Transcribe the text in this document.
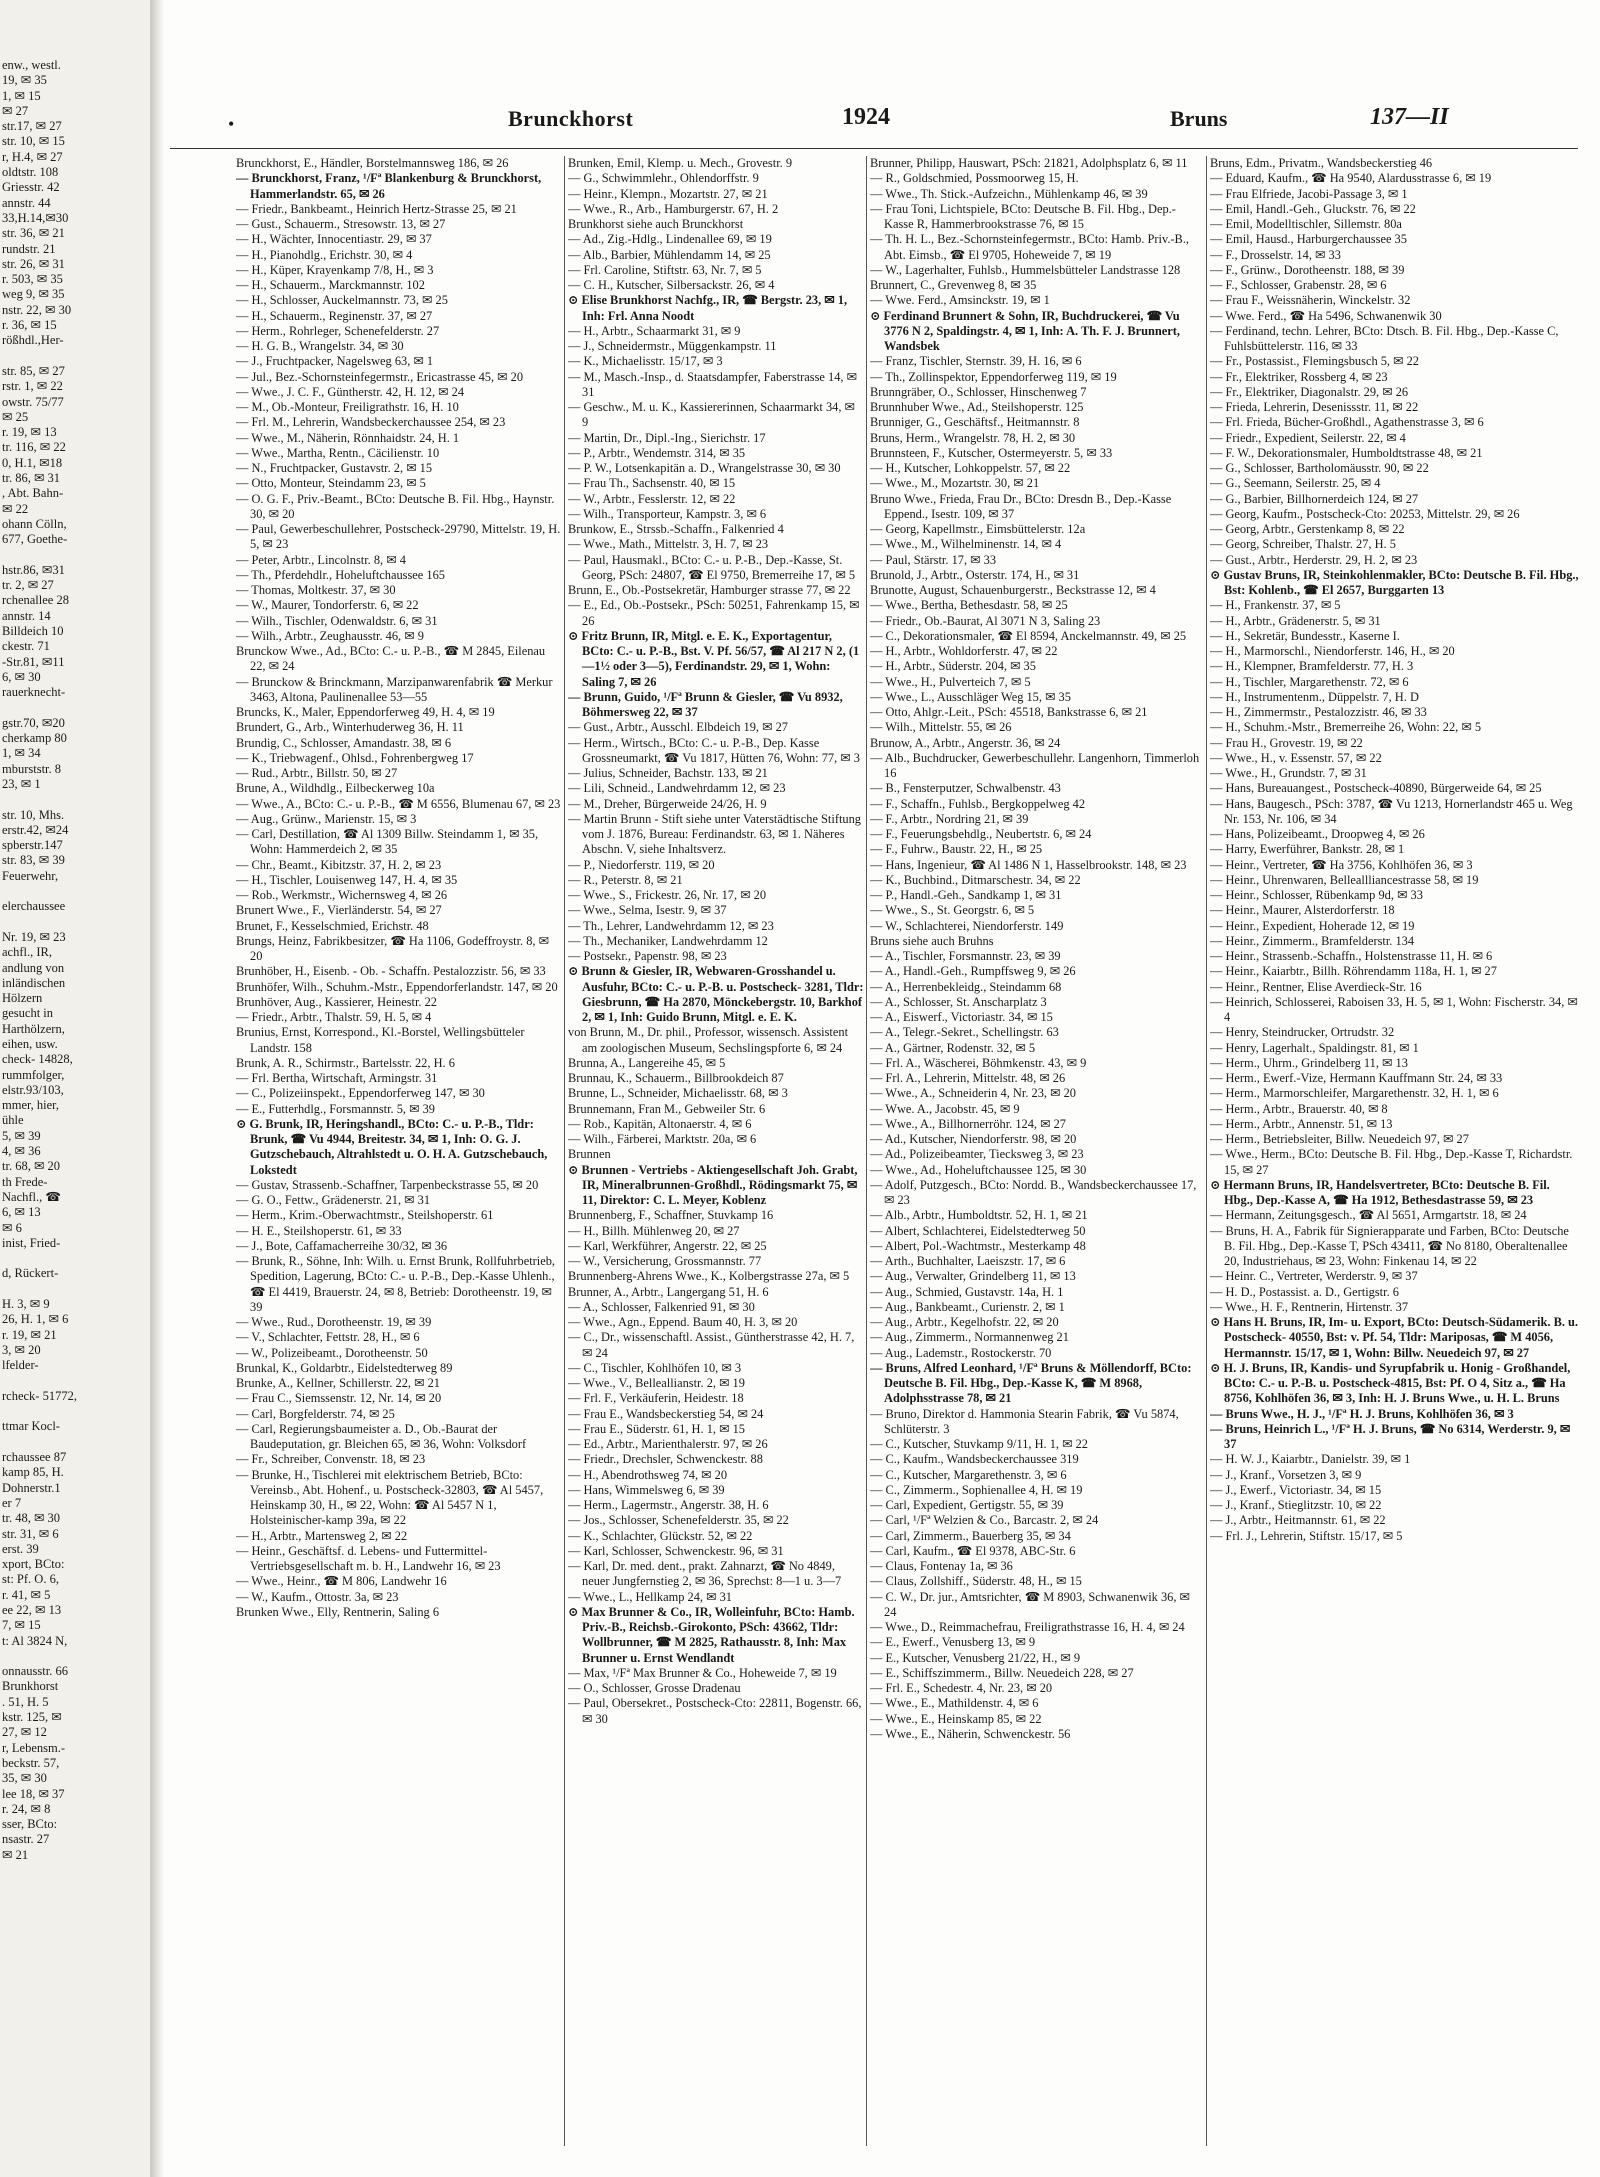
enw., westl.
19, ✉ 35
1, ✉ 15
✉ 27
str.17, ✉ 27
str. 10, ✉ 15
r, H.4, ✉ 27
oldtstr. 108
Griesstr. 42
annstr. 44
33,H.14,✉30
str. 36, ✉ 21
rundstr. 21
str. 26, ✉ 31
r. 503, ✉ 35
weg 9, ✉ 35
nstr. 22, ✉ 30
r. 36, ✉ 15
rößhdl.,Her-
str. 85, ✉ 27
rstr. 1, ✉ 22
owstr. 75/77
✉ 25
r. 19, ✉ 13
tr. 116, ✉ 22
0, H.1, ✉18
tr. 86, ✉ 31
, Abt. Bahn-
✉ 22
ohann Cölln,
677, Goethe-
hstr.86, ✉31
tr. 2, ✉ 27
rchenallee 28
annstr. 14
Billdeich 10
ckestr. 71
-Str.81, ✉11
6, ✉ 30
rauerknecht-
gstr.70, ✉20
cherkamp 80
1, ✉ 34
mburststr. 8
23, ✉ 1
str. 10, Mhs.
erstr.42, ✉24
spberstr.147
str. 83, ✉ 39
Feuerwehr,
elerchaussee
Nr. 19, ✉ 23
achfl., IR,
andlung von
inländischen
Hölzern
gesucht in
Harthölzern,
eihen, usw.
check- 14828,
rummfolger,
elstr.93/103,
mmer, hier,
ühle
5, ✉ 39
4, ✉ 36
tr. 68, ✉ 20
th Frede-
Nachfl., ☎
6, ✉ 13
✉ 6
inist, Fried-
d, Rückert-
H. 3, ✉ 9
26, H. 1, ✉ 6
r. 19, ✉ 21
3, ✉ 20
lfelder-
rcheck- 51772,
ttmar Kocl-
rchaussee 87
kamp 85, H.
Dohnerstr.1
er 7
tr. 48, ✉ 30
str. 31, ✉ 6
erst. 39
xport, BCto:
st: Pf. O. 6,
r. 41, ✉ 5
ee 22, ✉ 13
7, ✉ 15
t: Al 3824 N,
onnausstr. 66
Brunkhorst
. 51, H. 5
kstr. 125, ✉
27, ✉ 12
r, Lebensm.-
beckstr. 57,
35, ✉ 30
lee 18, ✉ 37
r. 24, ✉ 8
sser, BCto:
nsastr. 27
✉ 21
•	Brunckhorst	1924	Bruns	137—II
Brunckhorst, E., Händler, Borstelmannsweg 186, ✉ 26
— Brunckhorst, Franz, ¹/Fª Blankenburg & Brunckhorst, Hammerlandstr. 65, ✉ 26
— Friedr., Bankbeamt., Heinrich Hertz-Strasse 25, ✉ 21
— Gust., Schauerm., Stresowstr. 13, ✉ 27
— H., Wächter, Innocentiastr. 29, ✉ 37
— H., Pianohdlg., Erichstr. 30, ✉ 4
— H., Küper, Krayenkamp 7/8, H., ✉ 3
— H., Schauerm., Marckmannstr. 102
— H., Schlosser, Auckelmannstr. 73, ✉ 25
— H., Schauerm., Reginenstr. 37, ✉ 27
— Herm., Rohrleger, Schenefelderstr. 27
— H. G. B., Wrangelstr. 34, ✉ 30
— J., Fruchtpacker, Nagelsweg 63, ✉ 1
— Jul., Bez.-Schornsteinfegermstr., Ericastrasse 45, ✉ 20
— Wwe., J. C. F., Güntherstr. 42, H. 12, ✉ 24
— M., Ob.-Monteur, Freiligrathstr. 16, H. 10
— Frl. M., Lehrerin, Wandsbeckerchaussee 254, ✉ 23
— Wwe., M., Näherin, Rönnhaidstr. 24, H. 1
— Wwe., Martha, Rentn., Cäcilienstr. 10
— N., Fruchtpacker, Gustavstr. 2, ✉ 15
— Otto, Monteur, Steindamm 23, ✉ 5
— O. G. F., Priv.-Beamt., BCto: Deutsche B. Fil. Hbg., Haynstr. 30, ✉ 20
— Paul, Gewerbeschullehrer, Postscheck-29790, Mittelstr. 19, H. 5, ✉ 23
— Peter, Arbtr., Lincolnstr. 8, ✉ 4
— Th., Pferdehdlr., Hoheluftchaussee 165
— Thomas, Moltkestr. 37, ✉ 30
— W., Maurer, Tondorferstr. 6, ✉ 22
— Wilh., Tischler, Odenwaldstr. 6, ✉ 31
— Wilh., Arbtr., Zeughausstr. 46, ✉ 9
Brunckow Wwe., Ad., BCto: C.- u. P.-B., ☎ M 2845, Eilenau 22, ✉ 24
— Brunckow & Brinckmann, Marzipanwarenfabrik ☎ Merkur 3463, Altona, Paulinenallee 53—55
Bruncks, K., Maler, Eppendorferweg 49, H. 4, ✉ 19
Brundert, G., Arb., Winterhuderweg 36, H. 11
Brundig, C., Schlosser, Amandastr. 38, ✉ 6
— K., Triebwagenf., Ohlsd., Fohrenbergweg 17
— Rud., Arbtr., Billstr. 50, ✉ 27
Brune, A., Wildhdlg., Eilbeckerweg 10a
— Wwe., A., BCto: C.- u. P.-B., ☎ M 6556, Blumenau 67, ✉ 23
— Aug., Grünw., Marienstr. 15, ✉ 3
— Carl, Destillation, ☎ Al 1309 Billw. Steindamm 1, ✉ 35, Wohn: Hammerdeich 2, ✉ 35
— Chr., Beamt., Kibitzstr. 37, H. 2, ✉ 23
— H., Tischler, Louisenweg 147, H. 4, ✉ 35
— Rob., Werkmstr., Wichernsweg 4, ✉ 26
Brunert Wwe., F., Vierländerstr. 54, ✉ 27
Brunet, F., Kesselschmied, Erichstr. 48
Brungs, Heinz, Fabrikbesitzer, ☎ Ha 1106, Godeffroystr. 8, ✉ 20
Brunhöber, H., Eisenb. - Ob. - Schaffn. Pestalozzistr. 56, ✉ 33
Brunhöfer, Wilh., Schuhm.-Mstr., Eppendorferlandstr. 147, ✉ 20
Brunhöver, Aug., Kassierer, Heinestr. 22
— Friedr., Arbtr., Thalstr. 59, H. 5, ✉ 4
Brunius, Ernst, Korrespond., Kl.-Borstel, Wellingsbütteler Landstr. 158
Brunk, A. R., Schirmstr., Bartelsstr. 22, H. 6
— Frl. Bertha, Wirtschaft, Armingstr. 31
— C., Polizeiinspekt., Eppendorferweg 147, ✉ 30
— E., Futterhdlg., Forsmannstr. 5, ✉ 39
⊙ G. Brunk, IR, Heringshandl., BCto: C.- u. P.-B., Tldr: Brunk, ☎ Vu 4944, Breitestr. 34, ✉ 1, Inh: O. G. J. Gutzschebauch, Altrahlstedt u. O. H. A. Gutzschebauch, Lokstedt
— Gustav, Strassenb.-Schaffner, Tarpenbeckstrasse 55, ✉ 20
— G. O., Fettw., Grädenerstr. 21, ✉ 31
— Herm., Krim.-Oberwachtmstr., Steilshoperstr. 61
— H. E., Steilshoperstr. 61, ✉ 33
— J., Bote, Caffamacherreihe 30/32, ✉ 36
— Brunk, R., Söhne, Inh: Wilh. u. Ernst Brunk, Rollfuhrbetrieb, Spedition, Lagerung, BCto: C.- u. P.-B., Dep.-Kasse Uhlenh., ☎ El 4419, Brauerstr. 24, ✉ 8, Betrieb: Dorotheenstr. 19, ✉ 39
— Wwe., Rud., Dorotheenstr. 19, ✉ 39
— V., Schlachter, Fettstr. 28, H., ✉ 6
— W., Polizeibeamt., Dorotheenstr. 50
Brunkal, K., Goldarbtr., Eidelstedterweg 89
Brunke, A., Kellner, Schillerstr. 22, ✉ 21
— Frau C., Siemssenstr. 12, Nr. 14, ✉ 20
— Carl, Borgfelderstr. 74, ✉ 25
— Carl, Regierungsbaumeister a. D., Ob.-Baurat der Baudeputation, gr. Bleichen 65, ✉ 36, Wohn: Volksdorf
— Fr., Schreiber, Convenstr. 18, ✉ 23
— Brunke, H., Tischlerei mit elektrischem Betrieb, BCto: Vereinsb., Abt. Hohenf., u. Postscheck-32803, ☎ Al 5457, Heinskamp 30, H., ✉ 22, Wohn: ☎ Al 5457 N 1, Holsteinischer-kamp 39a, ✉ 22
— H., Arbtr., Martensweg 2, ✉ 22
— Heinr., Geschäftsf. d. Lebens- und Futtermittel-Vertriebsgesellschaft m. b. H., Landwehr 16, ✉ 23
— Wwe., Heinr., ☎ M 806, Landwehr 16
— W., Kaufm., Ottostr. 3a, ✉ 23
Brunken Wwe., Elly, Rentnerin, Saling 6
Brunken, Emil, Klemp. u. Mech., Grovestr. 9
— G., Schwimmlehr., Ohlendorffstr. 9
— Heinr., Klempn., Mozartstr. 27, ✉ 21
— Wwe., R., Arb., Hamburgerstr. 67, H. 2
Brunkhorst siehe auch Brunckhorst
— Ad., Zig.-Hdlg., Lindenallee 69, ✉ 19
— Alb., Barbier, Mühlendamm 14, ✉ 25
— Frl. Caroline, Stiftstr. 63, Nr. 7, ✉ 5
— C. H., Kutscher, Silbersackstr. 26, ✉ 4
⊙ Elise Brunkhorst Nachfg., IR, ☎ Bergstr. 23, ✉ 1, Inh: Frl. Anna Noodt
— H., Arbtr., Schaarmarkt 31, ✉ 9
— J., Schneidermstr., Müggenkampstr. 11
— K., Michaelisstr. 15/17, ✉ 3
— M., Masch.-Insp., d. Staatsdampfer, Faberstrasse 14, ✉ 31
— Geschw., M. u. K., Kassiererinnen, Schaarmarkt 34, ✉ 9
— Martin, Dr., Dipl.-Ing., Sierichstr. 17
— P., Arbtr., Wendemstr. 314, ✉ 35
— P. W., Lotsenkapitän a. D., Wrangelstrasse 30, ✉ 30
— Frau Th., Sachsenstr. 40, ✉ 15
— W., Arbtr., Fesslerstr. 12, ✉ 22
— Wilh., Transporteur, Kampstr. 3, ✉ 6
Brunkow, E., Strssb.-Schaffn., Falkenried 4
— Wwe., Math., Mittelstr. 3, H. 7, ✉ 23
— Paul, Hausmakl., BCto: C.- u. P.-B., Dep.-Kasse, St. Georg, PSch: 24807, ☎ El 9750, Bremerreihe 17, ✉ 5
Brunn, E., Ob.-Postsekretär, Hamburger strasse 77, ✉ 22
— E., Ed., Ob.-Postsekr., PSch: 50251, Fahrenkamp 15, ✉ 26
⊙ Fritz Brunn, IR, Mitgl. e. E. K., Exportagentur, BCto: C.- u. P.-B., Bst. V. Pf. 56/57, ☎ Al 217 N 2, (1—1½ oder 3—5), Ferdinandstr. 29, ✉ 1, Wohn: Saling 7, ✉ 26
— Brunn, Guido, ¹/Fª Brunn & Giesler, ☎ Vu 8932, Böhmersweg 22, ✉ 37
— Gust., Arbtr., Ausschl. Elbdeich 19, ✉ 27
— Herm., Wirtsch., BCto: C.- u. P.-B., Dep. Kasse Grossneumarkt, ☎ Vu 1817, Hütten 76, Wohn: 77, ✉ 3
— Julius, Schneider, Bachstr. 133, ✉ 21
— Lili, Schneid., Landwehrdamm 12, ✉ 23
— M., Dreher, Bürgerweide 24/26, H. 9
— Martin Brunn - Stift siehe unter Vaterstädtische Stiftung vom J. 1876, Bureau: Ferdinandstr. 63, ✉ 1. Näheres Abschn. V, siehe Inhaltsverz.
— P., Niedorferstr. 119, ✉ 20
— R., Peterstr. 8, ✉ 21
— Wwe., S., Frickestr. 26, Nr. 17, ✉ 20
— Wwe., Selma, Isestr. 9, ✉ 37
— Th., Lehrer, Landwehrdamm 12, ✉ 23
— Th., Mechaniker, Landwehrdamm 12
— Postsekr., Papenstr. 98, ✉ 23
⊙ Brunn & Giesler, IR, Webwaren-Grosshandel u. Ausfuhr, BCto: C.- u. P.-B. u. Postscheck- 3281, Tldr: Giesbrunn, ☎ Ha 2870, Mönckebergstr. 10, Barkhof 2, ✉ 1, Inh: Guido Brunn, Mitgl. e. E. K.
von Brunn, M., Dr. phil., Professor, wissensch. Assistent am zoologischen Museum, Sechslingspforte 6, ✉ 24
Brunna, A., Langereihe 45, ✉ 5
Brunnau, K., Schauerm., Billbrookdeich 87
Brunne, L., Schneider, Michaelisstr. 68, ✉ 3
Brunnemann, Fran M., Gebweiler Str. 6
— Rob., Kapitän, Altonaerstr. 4, ✉ 6
— Wilh., Färberei, Marktstr. 20a, ✉ 6
Brunnen
⊙ Brunnen - Vertriebs - Aktiengesellschaft Joh. Grabt, IR, Mineralbrunnen-Großhdl., Rödingsmarkt 75, ✉ 11, Direktor: C. L. Meyer, Koblenz
Brunnenberg, F., Schaffner, Stuvkamp 16
— H., Billh. Mühlenweg 20, ✉ 27
— Karl, Werkführer, Angerstr. 22, ✉ 25
— W., Versicherung, Grossmannstr. 77
Brunnenberg-Ahrens Wwe., K., Kolbergstrasse 27a, ✉ 5
Brunner, A., Arbtr., Langergang 51, H. 6
— A., Schlosser, Falkenried 91, ✉ 30
— Wwe., Agn., Eppend. Baum 40, H. 3, ✉ 20
— C., Dr., wissenschaftl. Assist., Güntherstrasse 42, H. 7, ✉ 24
— C., Tischler, Kohlhöfen 10, ✉ 3
— Wwe., V., Belleallianstr. 2, ✉ 19
— Frl. F., Verkäuferin, Heidestr. 18
— Frau E., Wandsbeckerstieg 54, ✉ 24
— Frau E., Süderstr. 61, H. 1, ✉ 15
— Ed., Arbtr., Marienthalerstr. 97, ✉ 26
— Friedr., Drechsler, Schwenckestr. 88
— H., Abendrothsweg 74, ✉ 20
— Hans, Wimmelsweg 6, ✉ 39
— Herm., Lagermstr., Angerstr. 38, H. 6
— Jos., Schlosser, Schenefelderstr. 35, ✉ 22
— K., Schlachter, Glückstr. 52, ✉ 22
— Karl, Schlosser, Schwenckestr. 96, ✉ 31
— Karl, Dr. med. dent., prakt. Zahnarzt, ☎ No 4849, neuer Jungfernstieg 2, ✉ 36, Sprechst: 8—1 u. 3—7
— Wwe., L., Hellkamp 24, ✉ 31
⊙ Max Brunner & Co., IR, Wolleinfuhr, BCto: Hamb. Priv.-B., Reichsb.-Girokonto, PSch: 43662, Tldr: Wollbrunner, ☎ M 2825, Rathausstr. 8, Inh: Max Brunner u. Ernst Wendlandt
— Max, ¹/Fª Max Brunner & Co., Hoheweide 7, ✉ 19
— O., Schlosser, Grosse Dradenau
— Paul, Obersekret., Postscheck-Cto: 22811, Bogenstr. 66, ✉ 30
Brunner, Philipp, Hauswart, PSch: 21821, Adolphsplatz 6, ✉ 11
— R., Goldschmied, Possmoorweg 15, H.
— Wwe., Th. Stick.-Aufzeichn., Mühlenkamp 46, ✉ 39
— Frau Toni, Lichtspiele, BCto: Deutsche B. Fil. Hbg., Dep.-Kasse R, Hammerbrookstrasse 76, ✉ 15
— Th. H. L., Bez.-Schornsteinfegermstr., BCto: Hamb. Priv.-B., Abt. Eimsb., ☎ El 9705, Hoheweide 7, ✉ 19
— W., Lagerhalter, Fuhlsb., Hummelsbütteler Landstrasse 128
Brunnert, C., Grevenweg 8, ✉ 35
— Wwe. Ferd., Amsinckstr. 19, ✉ 1
⊙ Ferdinand Brunnert & Sohn, IR, Buchdruckerei, ☎ Vu 3776 N 2, Spaldingstr. 4, ✉ 1, Inh: A. Th. F. J. Brunnert, Wandsbek
— Franz, Tischler, Sternstr. 39, H. 16, ✉ 6
— Th., Zollinspektor, Eppendorferweg 119, ✉ 19
Brunngräber, O., Schlosser, Hinschenweg 7
Brunnhuber Wwe., Ad., Steilshoperstr. 125
Brunniger, G., Geschäftsf., Heitmannstr. 8
Bruns, Herm., Wrangelstr. 78, H. 2, ✉ 30
Brunnsteen, F., Kutscher, Ostermeyerstr. 5, ✉ 33
— H., Kutscher, Lohkoppelstr. 57, ✉ 22
— Wwe., M., Mozartstr. 30, ✉ 21
Bruno Wwe., Frieda, Frau Dr., BCto: Dresdn B., Dep.-Kasse Eppend., Isestr. 109, ✉ 37
— Georg, Kapellmstr., Eimsbüttelerstr. 12a
— Wwe., M., Wilhelminenstr. 14, ✉ 4
— Paul, Stärstr. 17, ✉ 33
Brunold, J., Arbtr., Osterstr. 174, H., ✉ 31
Brunotte, August, Schauenburgerstr., Beckstrasse 12, ✉ 4
— Wwe., Bertha, Bethesdastr. 58, ✉ 25
— Friedr., Ob.-Baurat, Al 3071 N 3, Saling 23
— C., Dekorationsmaler, ☎ El 8594, Anckelmannstr. 49, ✉ 25
— H., Arbtr., Wohldorferstr. 47, ✉ 22
— H., Arbtr., Süderstr. 204, ✉ 35
— Wwe., H., Pulverteich 7, ✉ 5
— Wwe., L., Ausschläger Weg 15, ✉ 35
— Otto, Ahlgr.-Leit., PSch: 45518, Bankstrasse 6, ✉ 21
— Wilh., Mittelstr. 55, ✉ 26
Brunow, A., Arbtr., Angerstr. 36, ✉ 24
— Alb., Buchdrucker, Gewerbeschullehr. Langenhorn, Timmerloh 16
— B., Fensterputzer, Schwalbenstr. 43
— F., Schaffn., Fuhlsb., Bergkoppelweg 42
— F., Arbtr., Nordring 21, ✉ 39
— F., Feuerungsbehdlg., Neubertstr. 6, ✉ 24
— F., Fuhrw., Baustr. 22, H., ✉ 25
— Hans, Ingenieur, ☎ Al 1486 N 1, Hasselbrookstr. 148, ✉ 23
— K., Buchbind., Ditmarschestr. 34, ✉ 22
— P., Handl.-Geh., Sandkamp 1, ✉ 31
— Wwe., S., St. Georgstr. 6, ✉ 5
— W., Schlachterei, Niendorferstr. 149
Bruns siehe auch Bruhns
— A., Tischler, Forsmannstr. 23, ✉ 39
— A., Handl.-Geh., Rumpffsweg 9, ✉ 26
— A., Herrenbekleidg., Steindamm 68
— A., Schlosser, St. Anscharplatz 3
— A., Eiswerf., Victoriastr. 34, ✉ 15
— A., Telegr.-Sekret., Schellingstr. 63
— A., Gärtner, Rodenstr. 32, ✉ 5
— Frl. A., Wäscherei, Böhmkenstr. 43, ✉ 9
— Frl. A., Lehrerin, Mittelstr. 48, ✉ 26
— Wwe., A., Schneiderin 4, Nr. 23, ✉ 20
— Wwe. A., Jacobstr. 45, ✉ 9
— Wwe., A., Billhornerröhr. 124, ✉ 27
— Ad., Kutscher, Niendorferstr. 98, ✉ 20
— Ad., Polizeibeamter, Tiecksweg 3, ✉ 23
— Wwe., Ad., Hoheluftchaussee 125, ✉ 30
— Adolf, Putzgesch., BCto: Nordd. B., Wandsbeckerchaussee 17, ✉ 23
— Alb., Arbtr., Humboldtstr. 52, H. 1, ✉ 21
— Albert, Schlachterei, Eidelstedterweg 50
— Albert, Pol.-Wachtmstr., Mesterkamp 48
— Arth., Buchhalter, Laeiszstr. 17, ✉ 6
— Aug., Verwalter, Grindelberg 11, ✉ 13
— Aug., Schmied, Gustavstr. 14a, H. 1
— Aug., Bankbeamt., Curienstr. 2, ✉ 1
— Aug., Arbtr., Kegelhofstr. 22, ✉ 20
— Aug., Zimmerm., Normannenweg 21
— Aug., Lademstr., Rostockerstr. 70
— Bruns, Alfred Leonhard, ¹/Fª Bruns & Möllendorff, BCto: Deutsche B. Fil. Hbg., Dep.-Kasse K, ☎ M 8968, Adolphsstrasse 78, ✉ 21
— Bruno, Direktor d. Hammonia Stearin Fabrik, ☎ Vu 5874, Schlüterstr. 3
— C., Kutscher, Stuvkamp 9/11, H. 1, ✉ 22
— C., Kaufm., Wandsbeckerchaussee 319
— C., Kutscher, Margarethenstr. 3, ✉ 6
— C., Zimmerm., Sophienallee 4, H. ✉ 19
— Carl, Expedient, Gertigstr. 55, ✉ 39
— Carl, ¹/Fª Welzien & Co., Barcastr. 2, ✉ 24
— Carl, Zimmerm., Bauerberg 35, ✉ 34
— Carl, Kaufm., ☎ El 9378, ABC-Str. 6
— Claus, Fontenay 1a, ✉ 36
— Claus, Zollshiff., Süderstr. 48, H., ✉ 15
— C. W., Dr. jur., Amtsrichter, ☎ M 8903, Schwanenwik 36, ✉ 24
— Wwe., D., Reimmachefrau, Freiligrathstrasse 16, H. 4, ✉ 24
— E., Ewerf., Venusberg 13, ✉ 9
— E., Kutscher, Venusberg 21/22, H., ✉ 9
— E., Schiffszimmerm., Billw. Neuedeich 228, ✉ 27
— Frl. E., Schedestr. 4, Nr. 23, ✉ 20
— Wwe., E., Mathildenstr. 4, ✉ 6
— Wwe., E., Heinskamp 85, ✉ 22
— Wwe., E., Näherin, Schwenckestr. 56
Bruns, Edm., Privatm., Wandsbeckerstieg 46
— Eduard, Kaufm., ☎ Ha 9540, Alardusstrasse 6, ✉ 19
— Frau Elfriede, Jacobi-Passage 3, ✉ 1
— Emil, Handl.-Geh., Gluckstr. 76, ✉ 22
— Emil, Modelltischler, Sillemstr. 80a
— Emil, Hausd., Harburgerchaussee 35
— F., Drosselstr. 14, ✉ 33
— F., Grünw., Dorotheenstr. 188, ✉ 39
— F., Schlosser, Grabenstr. 28, ✉ 6
— Frau F., Weissnäherin, Winckelstr. 32
— Wwe. Ferd., ☎ Ha 5496, Schwanenwik 30
— Ferdinand, techn. Lehrer, BCto: Dtsch. B. Fil. Hbg., Dep.-Kasse C, Fuhlsbüttelerstr. 116, ✉ 33
— Fr., Postassist., Flemingsbusch 5, ✉ 22
— Fr., Elektriker, Rossberg 4, ✉ 23
— Fr., Elektriker, Diagonalstr. 29, ✉ 26
— Frieda, Lehrerin, Desenissstr. 11, ✉ 22
— Frl. Frieda, Bücher-Großhdl., Agathenstrasse 3, ✉ 6
— Friedr., Expedient, Seilerstr. 22, ✉ 4
— F. W., Dekorationsmaler, Humboldtstrasse 48, ✉ 21
— G., Schlosser, Bartholomäusstr. 90, ✉ 22
— G., Seemann, Seilerstr. 25, ✉ 4
— G., Barbier, Billhornerdeich 124, ✉ 27
— Georg, Kaufm., Postscheck-Cto: 20253, Mittelstr. 29, ✉ 26
— Georg, Arbtr., Gerstenkamp 8, ✉ 22
— Georg, Schreiber, Thalstr. 27, H. 5
— Gust., Arbtr., Herderstr. 29, H. 2, ✉ 23
⊙ Gustav Bruns, IR, Steinkohlenmakler, BCto: Deutsche B. Fil. Hbg., Bst: Kohlenb., ☎ El 2657, Burggarten 13
— H., Frankenstr. 37, ✉ 5
— H., Arbtr., Grädenerstr. 5, ✉ 31
— H., Sekretär, Bundesstr., Kaserne I.
— H., Marmorschl., Niendorferstr. 146, H., ✉ 20
— H., Klempner, Bramfelderstr. 77, H. 3
— H., Tischler, Margarethenstr. 72, ✉ 6
— H., Instrumentenm., Düppelstr. 7, H. D
— H., Zimmermstr., Pestalozzistr. 46, ✉ 33
— H., Schuhm.-Mstr., Bremerreihe 26, Wohn: 22, ✉ 5
— Frau H., Grovestr. 19, ✉ 22
— Wwe., H., v. Essenstr. 57, ✉ 22
— Wwe., H., Grundstr. 7, ✉ 31
— Hans, Bureauangest., Postscheck-40890, Bürgerweide 64, ✉ 25
— Hans, Baugesch., PSch: 3787, ☎ Vu 1213, Hornerlandstr 465 u. Weg Nr. 153, Nr. 106, ✉ 34
— Hans, Polizeibeamt., Droopweg 4, ✉ 26
— Harry, Ewerführer, Bankstr. 28, ✉ 1
— Heinr., Vertreter, ☎ Ha 3756, Kohlhöfen 36, ✉ 3
— Heinr., Uhrenwaren, Belleallliancestrasse 58, ✉ 19
— Heinr., Schlosser, Rübenkamp 9d, ✉ 33
— Heinr., Maurer, Alsterdorferstr. 18
— Heinr., Expedient, Hoherade 12, ✉ 19
— Heinr., Zimmerm., Bramfelderstr. 134
— Heinr., Strassenb.-Schaffn., Holstenstrasse 11, H. ✉ 6
— Heinr., Kaiarbtr., Billh. Röhrendamm 118a, H. 1, ✉ 27
— Heinr., Rentner, Elise Averdieck-Str. 16
— Heinrich, Schlosserei, Raboisen 33, H. 5, ✉ 1, Wohn: Fischerstr. 34, ✉ 4
— Henry, Steindrucker, Ortrudstr. 32
— Henry, Lagerhalt., Spaldingstr. 81, ✉ 1
— Herm., Uhrm., Grindelberg 11, ✉ 13
— Herm., Ewerf.-Vize, Hermann Kauffmann Str. 24, ✉ 33
— Herm., Marmorschleifer, Margarethenstr. 32, H. 1, ✉ 6
— Herm., Arbtr., Brauerstr. 40, ✉ 8
— Herm., Arbtr., Annenstr. 51, ✉ 13
— Herm., Betriebsleiter, Billw. Neuedeich 97, ✉ 27
— Wwe., Herm., BCto: Deutsche B. Fil. Hbg., Dep.-Kasse T, Richardstr. 15, ✉ 27
⊙ Hermann Bruns, IR, Handelsvertreter, BCto: Deutsche B. Fil. Hbg., Dep.-Kasse A, ☎ Ha 1912, Bethesdastrasse 59, ✉ 23
— Hermann, Zeitungsgesch., ☎ Al 5651, Armgartstr. 18, ✉ 24
— Bruns, H. A., Fabrik für Signierapparate und Farben, BCto: Deutsche B. Fil. Hbg., Dep.-Kasse T, PSch 43411, ☎ No 8180, Oberaltenallee 20, Industriehaus, ✉ 23, Wohn: Finkenau 14, ✉ 22
— Heinr. C., Vertreter, Werderstr. 9, ✉ 37
— H. D., Postassist. a. D., Gertigstr. 6
— Wwe., H. F., Rentnerin, Hirtenstr. 37
⊙ Hans H. Bruns, IR, Im- u. Export, BCto: Deutsch-Südamerik. B. u. Postscheck- 40550, Bst: v. Pf. 54, Tldr: Mariposas, ☎ M 4056, Hermannstr. 15/17, ✉ 1, Wohn: Billw. Neuedeich 97, ✉ 27
⊙ H. J. Bruns, IR, Kandis- und Syrupfabrik u. Honig - Großhandel, BCto: C.- u. P.-B. u. Postscheck-4815, Bst: Pf. O 4, Sitz a., ☎ Ha 8756, Kohlhöfen 36, ✉ 3, Inh: H. J. Bruns Wwe., u. H. L. Bruns
— Bruns Wwe., H. J., ¹/Fª H. J. Bruns, Kohlhöfen 36, ✉ 3
— Bruns, Heinrich L., ¹/Fª H. J. Bruns, ☎ No 6314, Werderstr. 9, ✉ 37
— H. W. J., Kaiarbtr., Danielstr. 39, ✉ 1
— J., Kranf., Vorsetzen 3, ✉ 9
— J., Ewerf., Victoriastr. 34, ✉ 15
— J., Kranf., Stieglitzstr. 10, ✉ 22
— J., Arbtr., Heitmannstr. 61, ✉ 22
— Frl. J., Lehrerin, Stiftstr. 15/17, ✉ 5
